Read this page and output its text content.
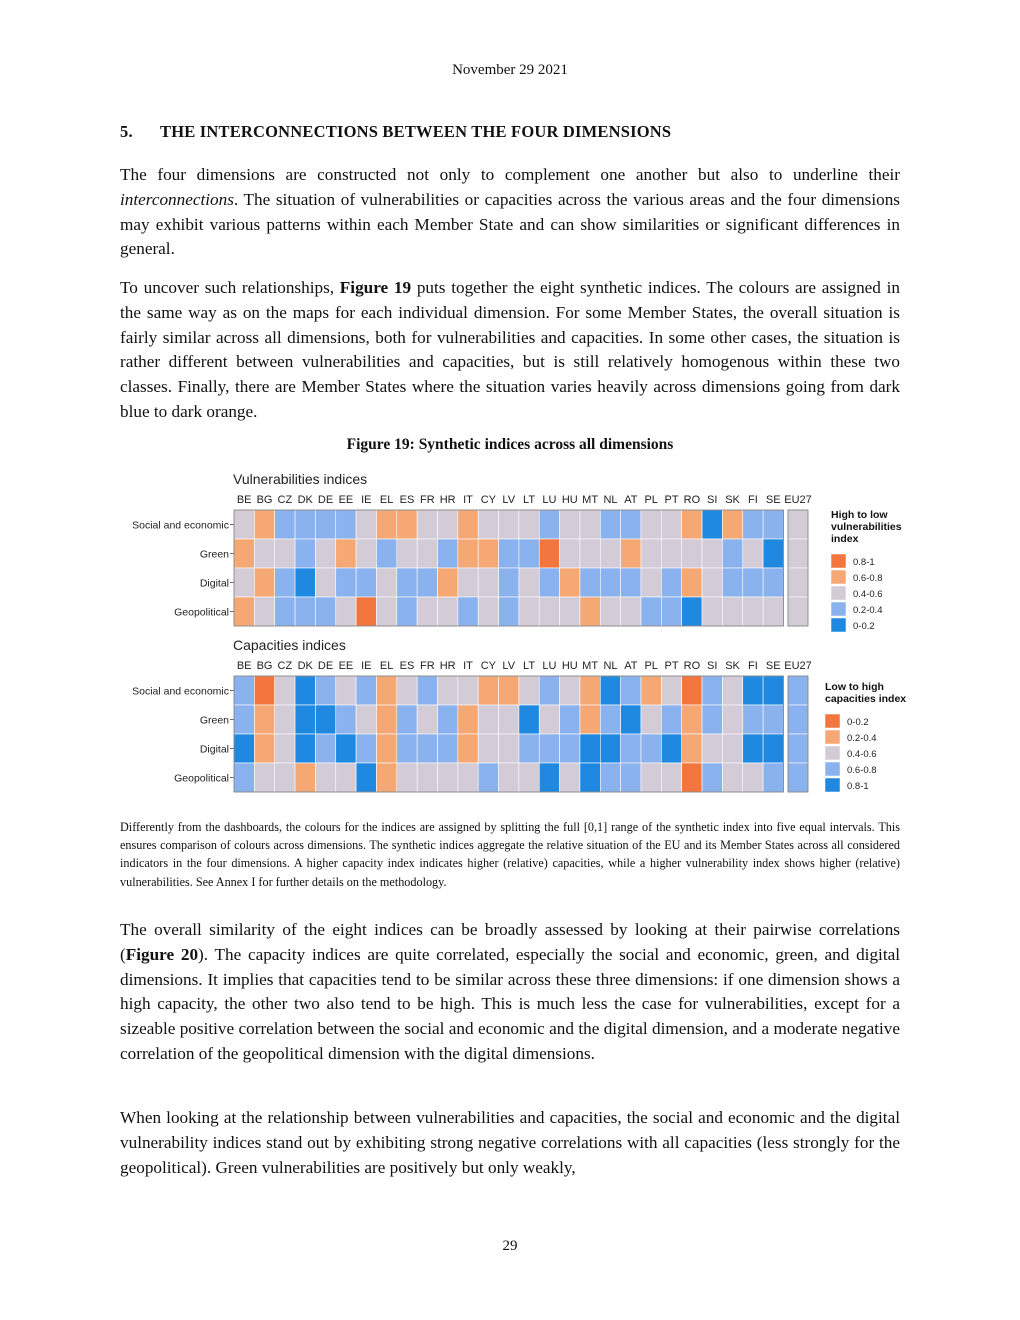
November 29 2021
5. THE INTERCONNECTIONS BETWEEN THE FOUR DIMENSIONS

The four dimensions are constructed not only to complement one another but also to underline their interconnections. The situation of vulnerabilities or capacities across the various areas and the four dimensions may exhibit various patterns within each Member State and can show similarities or significant differences in general.

To uncover such relationships, Figure 19 puts together the eight synthetic indices. The colours are assigned in the same way as on the maps for each individual dimension. For some Member States, the overall situation is fairly similar across all dimensions, both for vulnerabilities and capacities. In some other cases, the situation is rather different between vulnerabilities and capacities, but is still relatively homogenous within these two classes. Finally, there are Member States where the situation varies heavily across dimensions going from dark blue to dark orange.

Figure 19: Synthetic indices across all dimensions
Vulnerabilities indices
BE BG CZ DK DE EE IE EL ES FR HR IT CY LV LT LU HU MT NL AT PL PT RO SI SK FI SE EU27
Social and economic
Green
Digital
Geopolitical
High to low vulnerabilities index
0.8-1
0.6-0.8
0.4-0.6
0.2-0.4
0-0.2
Capacities indices
BE BG CZ DK DE EE IE EL ES FR HR IT CY LV LT LU HU MT NL AT PL PT RO SI SK FI SE EU27
Social and economic
Green
Digital
Geopolitical
Low to high capacities index
0-0.2
0.2-0.4
0.4-0.6
0.6-0.8
0.8-1

Differently from the dashboards, the colours for the indices are assigned by splitting the full [0,1] range of the synthetic index into five equal intervals. This ensures comparison of colours across dimensions. The synthetic indices aggregate the relative situation of the EU and its Member States across all considered indicators in the four dimensions. A higher capacity index indicates higher (relative) capacities, while a higher vulnerability index shows higher (relative) vulnerabilities. See Annex I for further details on the methodology.

The overall similarity of the eight indices can be broadly assessed by looking at their pairwise correlations (Figure 20). The capacity indices are quite correlated, especially the social and economic, green, and digital dimensions. It implies that capacities tend to be similar across these three dimensions: if one dimension shows a high capacity, the other two also tend to be high. This is much less the case for vulnerabilities, except for a sizeable positive correlation between the social and economic and the digital dimension, and a moderate negative correlation of the geopolitical dimension with the digital dimensions.

When looking at the relationship between vulnerabilities and capacities, the social and economic and the digital vulnerability indices stand out by exhibiting strong negative correlations with all capacities (less strongly for the geopolitical). Green vulnerabilities are positively but only weakly,

29
